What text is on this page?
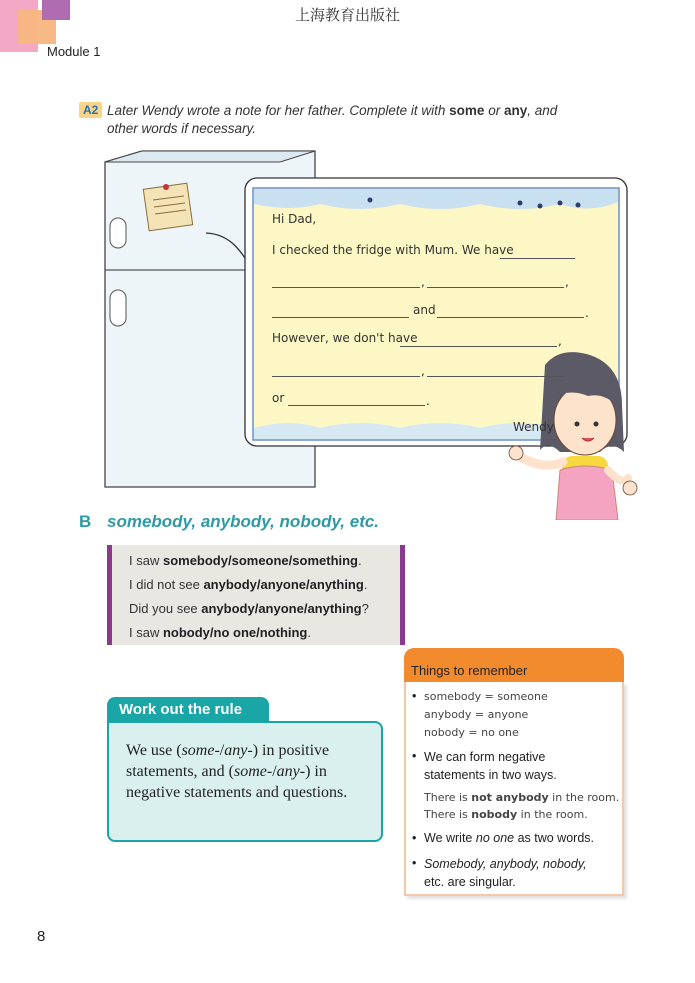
上海教育出版社
Module 1
A2 Later Wendy wrote a note for her father. Complete it with some or any, and other words if necessary.
Hi Dad,
I checked the fridge with Mum. We have
,	,
and	.
However, we don't have	,
,
or	.
Wendy
B somebody, anybody, nobody, etc.
I saw somebody/someone/something.
I did not see anybody/anyone/anything.
Did you see anybody/anyone/anything?
I saw nobody/no one/nothing.
Work out the rule
We use (some-/any-) in positive statements, and (some-/any-) in negative statements and questions.
Things to remember
• somebody = someone
anybody = anyone
nobody = no one
• We can form negative
statements in two ways.
There is not anybody in the room.
There is nobody in the room.
• We write no one as two words.
• Somebody, anybody, nobody,
etc. are singular.
8
